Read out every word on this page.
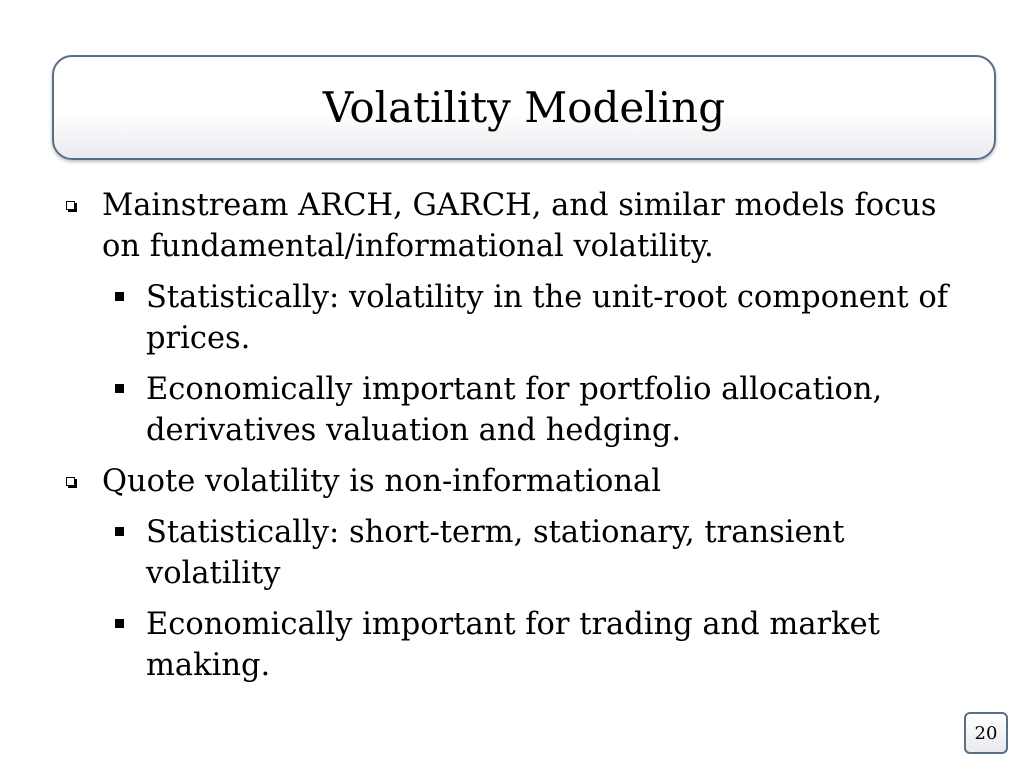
Volatility Modeling
Mainstream ARCH, GARCH, and similar models focus on fundamental/informational volatility.
Statistically: volatility in the unit-root component of prices.
Economically important for portfolio allocation, derivatives valuation and hedging.
Quote volatility is non-informational
Statistically: short-term, stationary, transient volatility
Economically important for trading and market making.
20
